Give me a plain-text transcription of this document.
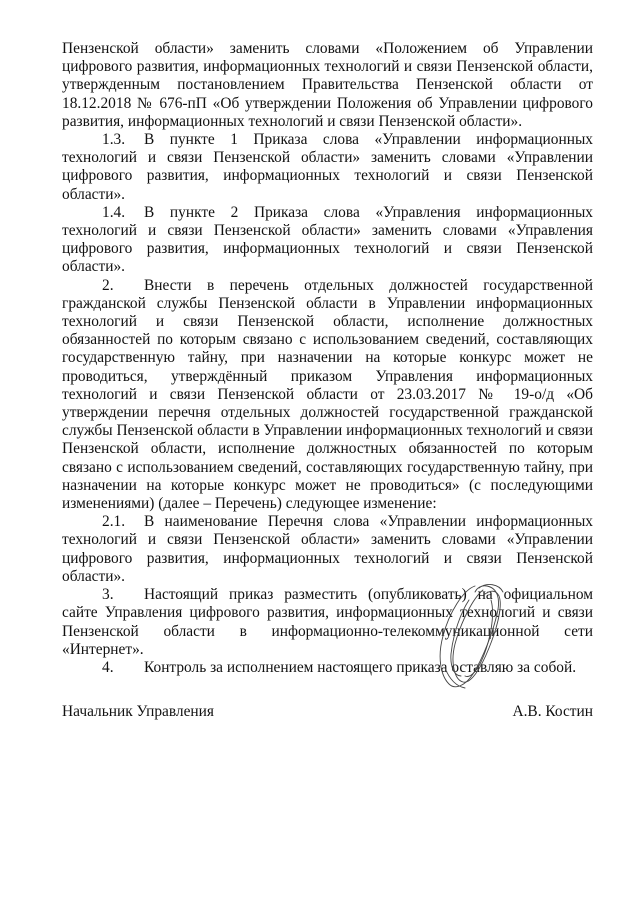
Пензенской области» заменить словами «Положением об Управлении цифрового развития, информационных технологий и связи Пензенской области, утвержденным постановлением Правительства Пензенской области от 18.12.2018 № 676-пП «Об утверждении Положения об Управлении цифрового развития, информационных технологий и связи Пензенской области».

1.3. В пункте 1 Приказа слова «Управлении информационных технологий и связи Пензенской области» заменить словами «Управлении цифрового развития, информационных технологий и связи Пензенской области».

1.4. В пункте 2 Приказа слова «Управления информационных технологий и связи Пензенской области» заменить словами «Управления цифрового развития, информационных технологий и связи Пензенской области».

2. Внести в перечень отдельных должностей государственной гражданской службы Пензенской области в Управлении информационных технологий и связи Пензенской области, исполнение должностных обязанностей по которым связано с использованием сведений, составляющих государственную тайну, при назначении на которые конкурс может не проводиться, утверждённый приказом Управления информационных технологий и связи Пензенской области от 23.03.2017 № 19-о/д «Об утверждении перечня отдельных должностей государственной гражданской службы Пензенской области в Управлении информационных технологий и связи Пензенской области, исполнение должностных обязанностей по которым связано с использованием сведений, составляющих государственную тайну, при назначении на которые конкурс может не проводиться» (с последующими изменениями) (далее – Перечень) следующее изменение:

2.1. В наименование Перечня слова «Управлении информационных технологий и связи Пензенской области» заменить словами «Управлении цифрового развития, информационных технологий и связи Пензенской области».

3. Настоящий приказ разместить (опубликовать) на официальном сайте Управления цифрового развития, информационных технологий и связи Пензенской области в информационно-телекоммуникационной сети «Интернет».

4. Контроль за исполнением настоящего приказа оставляю за собой.

Начальник Управления	А.В. Костин
